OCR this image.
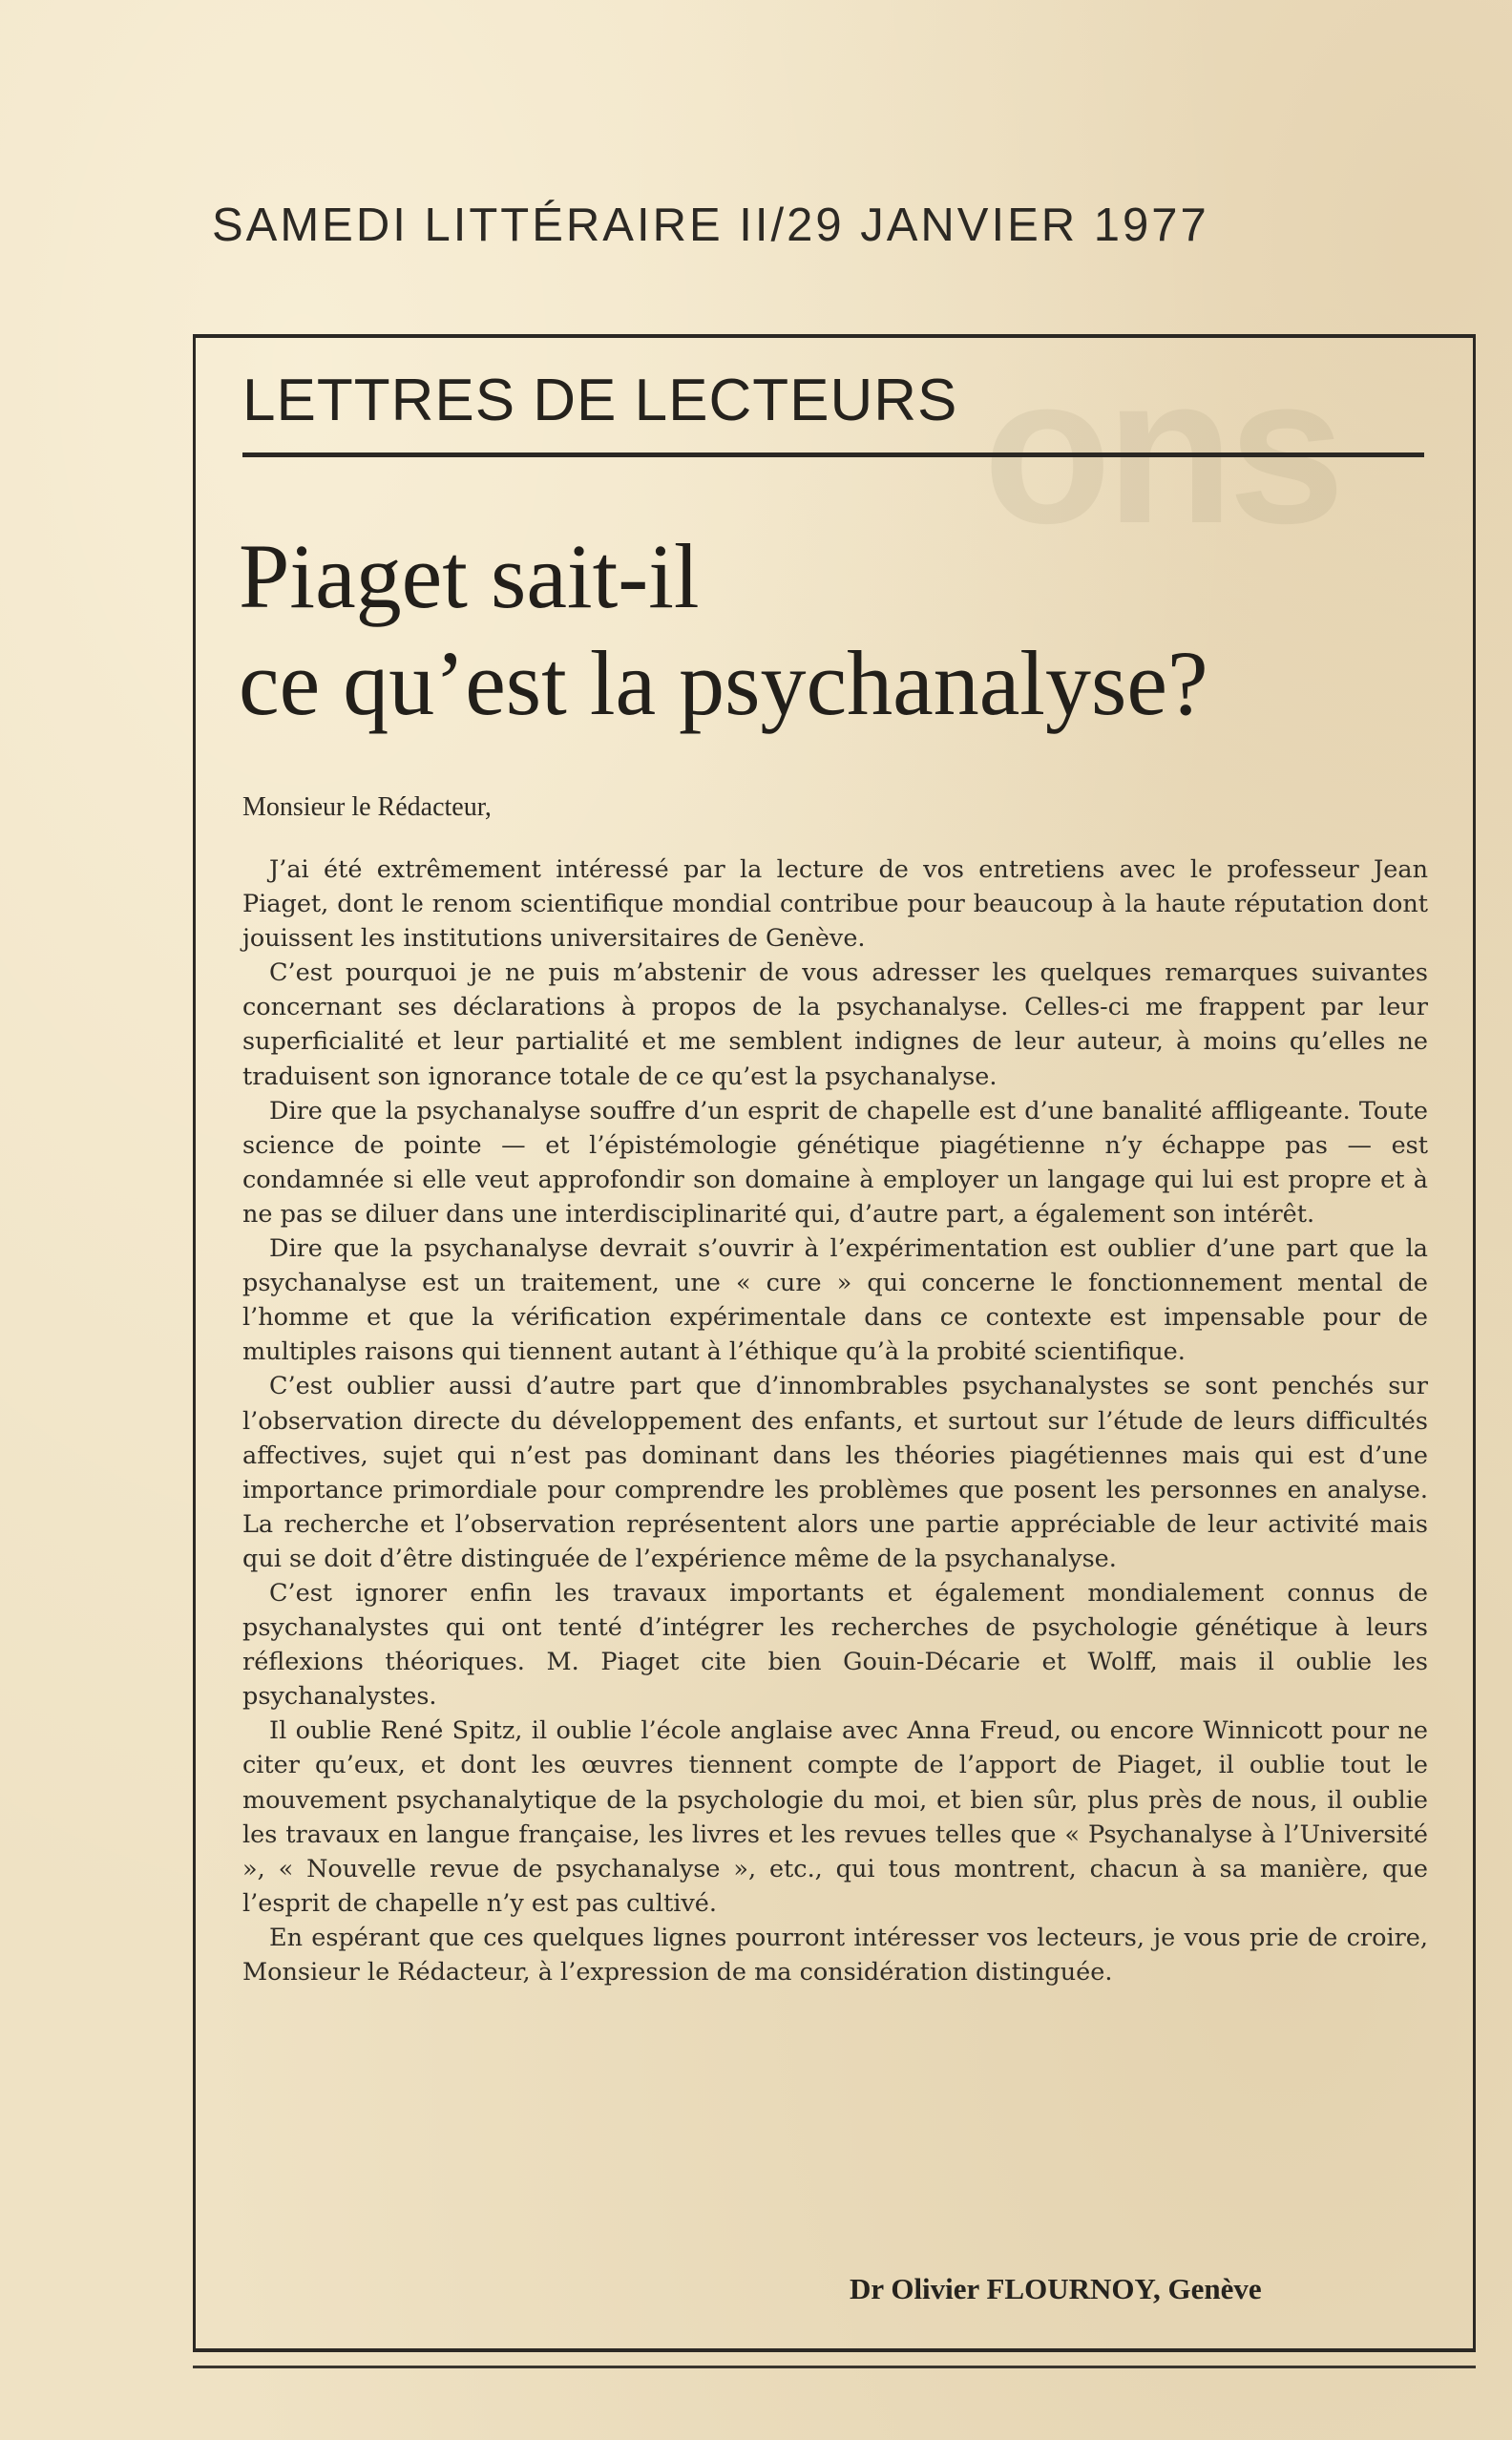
SAMEDI LITTÉRAIRE II/29 JANVIER 1977
LETTRES DE LECTEURS
Piaget sait-il
ce qu’est la psychanalyse?
Monsieur le Rédacteur,

J’ai été extrêmement intéressé par la lecture de vos entretiens avec le professeur Jean Piaget, dont le renom scientifique mondial contribue pour beaucoup à la haute réputation dont jouissent les institutions universitaires de Genève.

C’est pourquoi je ne puis m’abstenir de vous adresser les quelques remarques suivantes concernant ses déclarations à propos de la psychanalyse. Celles-ci me frappent par leur superficialité et leur partialité et me semblent indignes de leur auteur, à moins qu’elles ne traduisent son ignorance totale de ce qu’est la psychanalyse.

Dire que la psychanalyse souffre d’un esprit de chapelle est d’une banalité affligeante. Toute science de pointe — et l’épistémologie génétique piagétienne n’y échappe pas — est condamnée si elle veut approfondir son domaine à employer un langage qui lui est propre et à ne pas se diluer dans une interdisciplinarité qui, d’autre part, a également son intérêt.

Dire que la psychanalyse devrait s’ouvrir à l’expérimentation est oublier d’une part que la psychanalyse est un traitement, une « cure » qui concerne le fonctionnement mental de l’homme et que la vérification expérimentale dans ce contexte est impensable pour de multiples raisons qui tiennent autant à l’éthique qu’à la probité scientifique.

C’est oublier aussi d’autre part que d’innombrables psychanalystes se sont penchés sur l’observation directe du développement des enfants, et surtout sur l’étude de leurs difficultés affectives, sujet qui n’est pas dominant dans les théories piagétiennes mais qui est d’une importance primordiale pour comprendre les problèmes que posent les personnes en analyse. La recherche et l’observation représentent alors une partie appréciable de leur activité mais qui se doit d’être distinguée de l’expérience même de la psychanalyse.

C’est ignorer enfin les travaux importants et également mondialement connus de psychanalystes qui ont tenté d’intégrer les recherches de psychologie génétique à leurs réflexions théoriques. M. Piaget cite bien Gouin-Décarie et Wolff, mais il oublie les psychanalystes.

Il oublie René Spitz, il oublie l’école anglaise avec Anna Freud, ou encore Winnicott pour ne citer qu’eux, et dont les œuvres tiennent compte de l’apport de Piaget, il oublie tout le mouvement psychanalytique de la psychologie du moi, et bien sûr, plus près de nous, il oublie les travaux en langue française, les livres et les revues telles que « Psychanalyse à l’Université », « Nouvelle revue de psychanalyse », etc., qui tous montrent, chacun à sa manière, que l’esprit de chapelle n’y est pas cultivé.

En espérant que ces quelques lignes pourront intéresser vos lecteurs, je vous prie de croire, Monsieur le Rédacteur, à l’expression de ma considération distinguée.

Dr Olivier FLOURNOY, Genève
